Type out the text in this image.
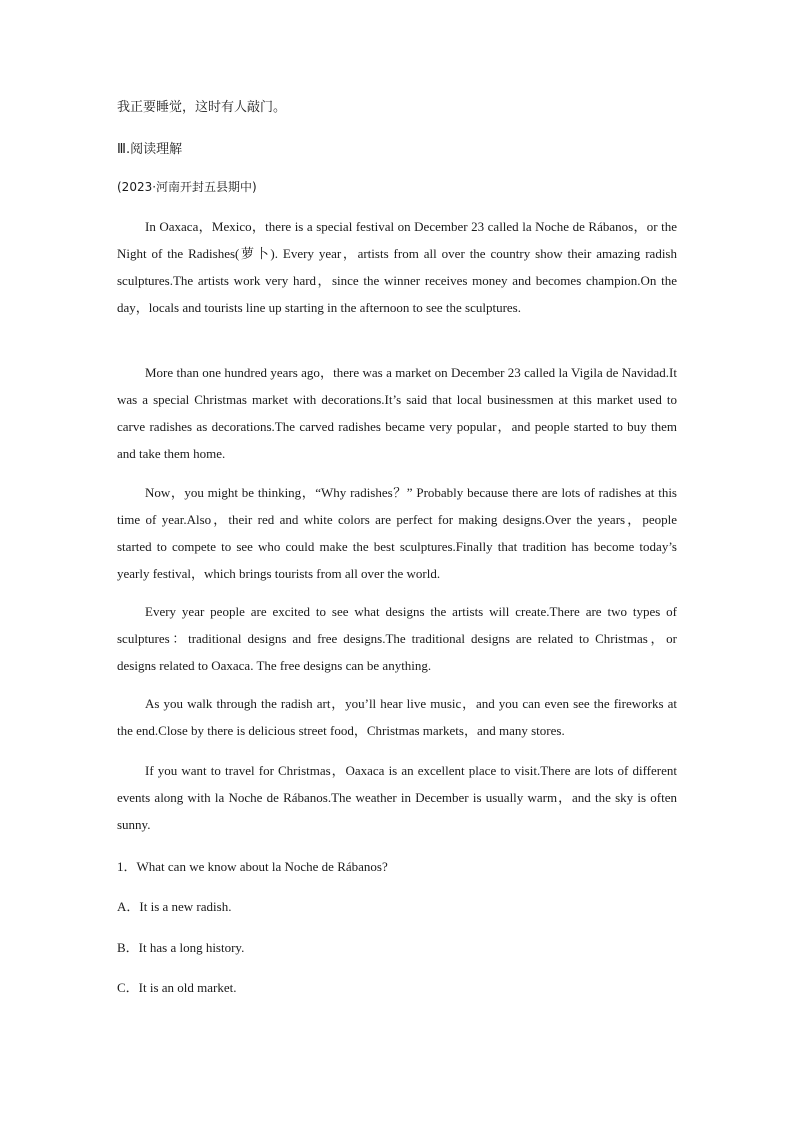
我正要睡觉，这时有人敲门。

Ⅲ.阅读理解

(2023·河南开封五县期中)

In Oaxaca，Mexico，there is a special festival on December 23 called la Noche de Rábanos，or the Night of the Radishes(萝卜). Every year，artists from all over the country show their amazing radish sculptures.The artists work very hard，since the winner receives money and becomes champion.On the day，locals and tourists line up starting in the afternoon to see the sculptures.

More than one hundred years ago，there was a market on December 23 called la Vigila de Navidad.It was a special Christmas market with decorations.It’s said that local businessmen at this market used to carve radishes as decorations.The carved radishes became very popular，and people started to buy them and take them home.

Now，you might be thinking，“Why radishes？” Probably because there are lots of radishes at this time of year.Also，their red and white colors are perfect for making designs.Over the years，people started to compete to see who could make the best sculptures.Finally that tradition has become today’s yearly festival，which brings tourists from all over the world.

Every year people are excited to see what designs the artists will create.There are two types of sculptures：traditional designs and free designs.The traditional designs are related to Christmas，or designs related to Oaxaca. The free designs can be anything.

As you walk through the radish art，you’ll hear live music，and you can even see the fireworks at the end.Close by there is delicious street food，Christmas markets，and many stores.

If you want to travel for Christmas，Oaxaca is an excellent place to visit.There are lots of different events along with la Noche de Rábanos.The weather in December is usually warm，and the sky is often sunny.

1．What can we know about la Noche de Rábanos?

A．It is a new radish.

B．It has a long history.

C．It is an old market.
